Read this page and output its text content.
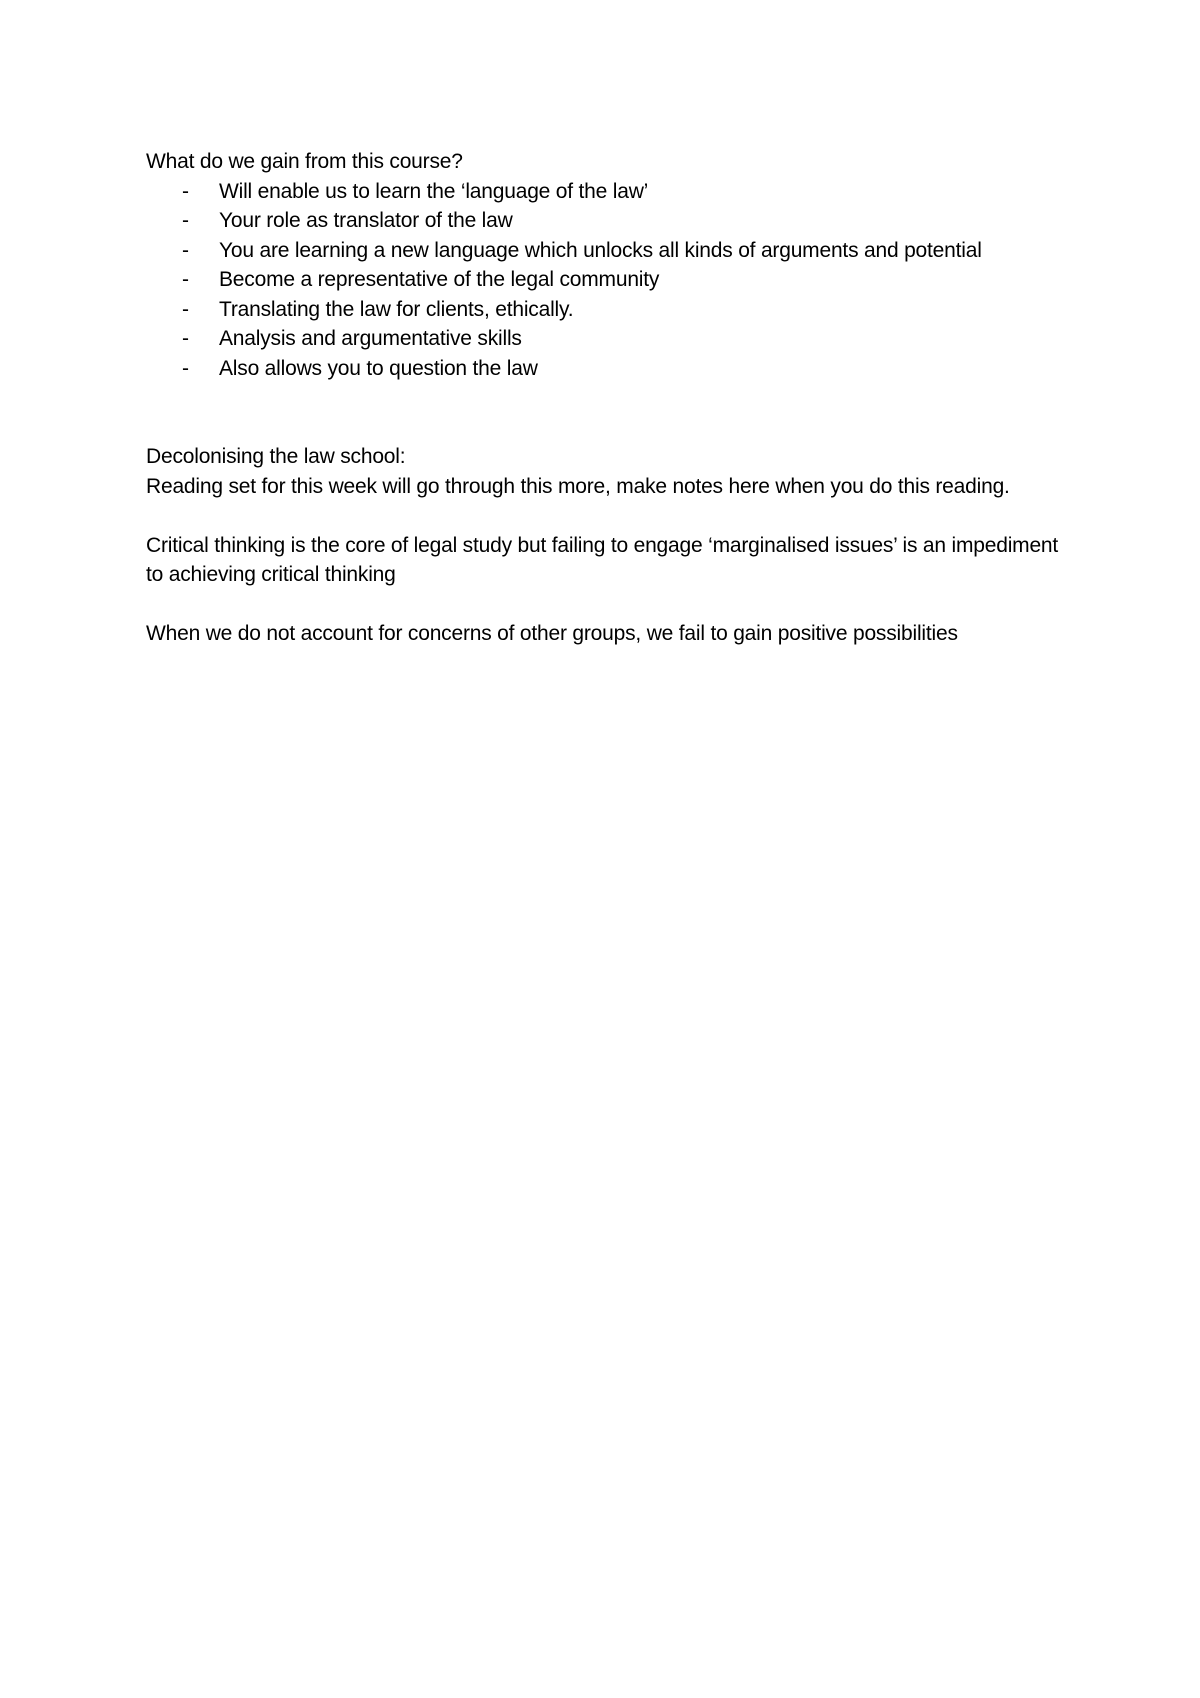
What do we gain from this course?

- Will enable us to learn the ‘language of the law’
- Your role as translator of the law
- You are learning a new language which unlocks all kinds of arguments and potential
- Become a representative of the legal community
- Translating the law for clients, ethically.
- Analysis and argumentative skills
- Also allows you to question the law

Decolonising the law school:

Reading set for this week will go through this more, make notes here when you do this reading.

Critical thinking is the core of legal study but failing to engage ‘marginalised issues’ is an impediment to achieving critical thinking

When we do not account for concerns of other groups, we fail to gain positive possibilities
